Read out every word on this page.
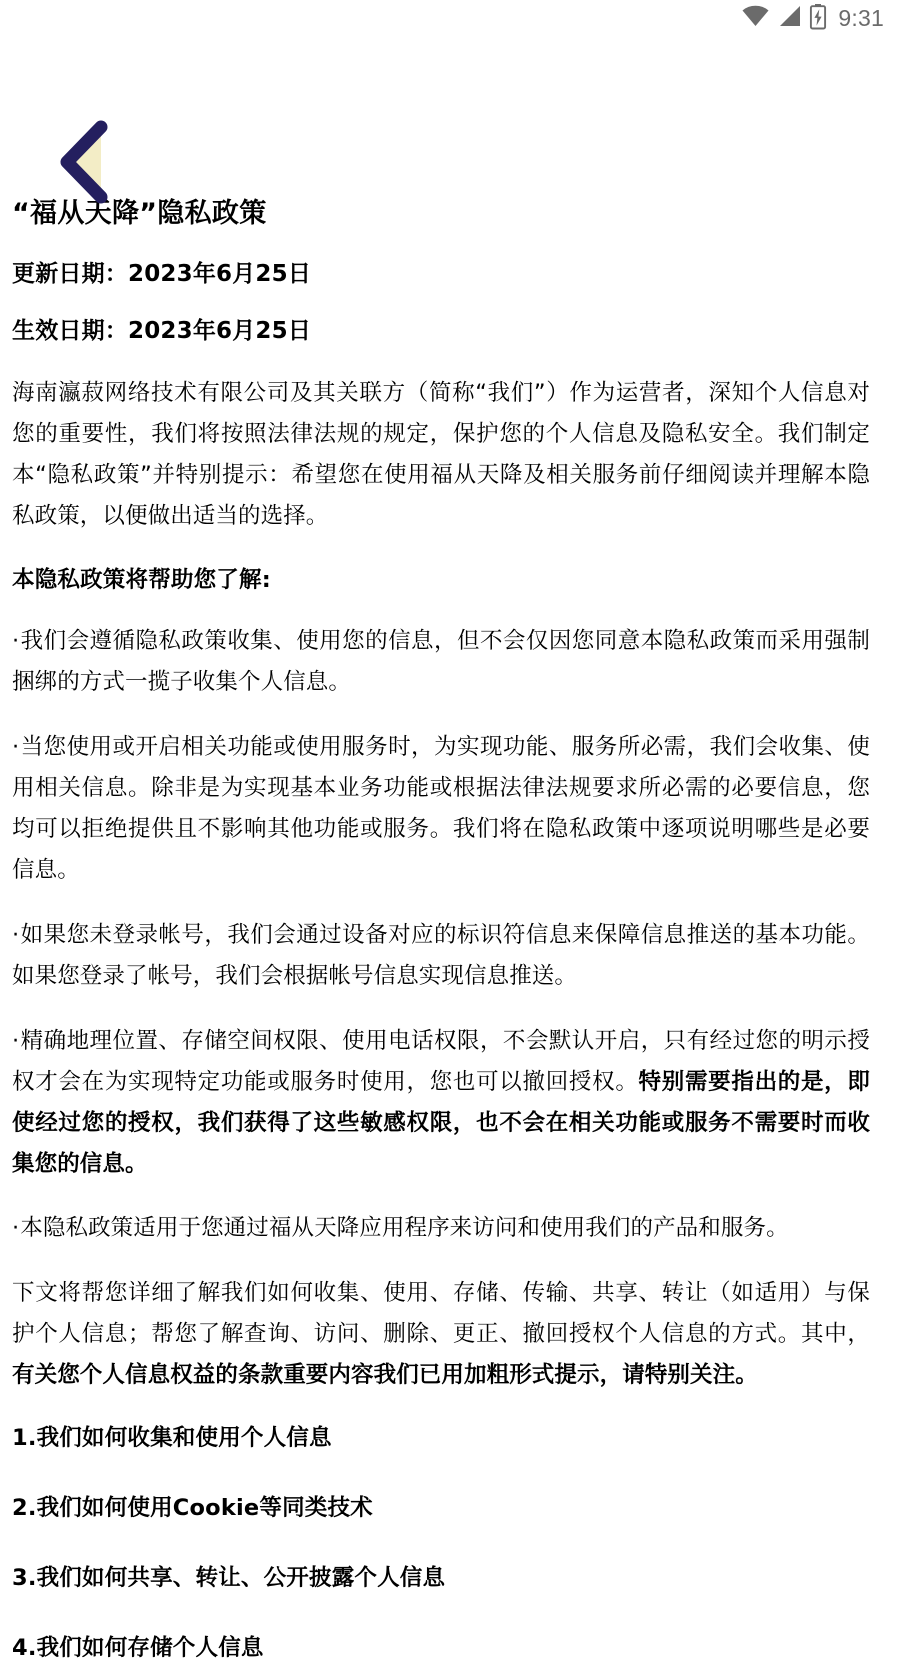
9:31
“福从天降”隐私政策
更新日期：2023年6月25日
生效日期：2023年6月25日

海南瀛菽网络技术有限公司及其关联方（简称“我们”）作为运营者，深知个人信息对您的重要性，我们将按照法律法规的规定，保护您的个人信息及隐私安全。我们制定本“隐私政策”并特别提示：希望您在使用福从天降及相关服务前仔细阅读并理解本隐私政策，以便做出适当的选择。

本隐私政策将帮助您了解:

·我们会遵循隐私政策收集、使用您的信息，但不会仅因您同意本隐私政策而采用强制捆绑的方式一揽子收集个人信息。

·当您使用或开启相关功能或使用服务时，为实现功能、服务所必需，我们会收集、使用相关信息。除非是为实现基本业务功能或根据法律法规要求所必需的必要信息，您均可以拒绝提供且不影响其他功能或服务。我们将在隐私政策中逐项说明哪些是必要信息。

·如果您未登录帐号，我们会通过设备对应的标识符信息来保障信息推送的基本功能。如果您登录了帐号，我们会根据帐号信息实现信息推送。

·精确地理位置、存储空间权限、使用电话权限，不会默认开启，只有经过您的明示授权才会在为实现特定功能或服务时使用，您也可以撤回授权。特别需要指出的是，即使经过您的授权，我们获得了这些敏感权限，也不会在相关功能或服务不需要时而收集您的信息。

·本隐私政策适用于您通过福从天降应用程序来访问和使用我们的产品和服务。

下文将帮您详细了解我们如何收集、使用、存储、传输、共享、转让（如适用）与保护个人信息；帮您了解查询、访问、删除、更正、撤回授权个人信息的方式。其中，有关您个人信息权益的条款重要内容我们已用加粗形式提示，请特别关注。

1.我们如何收集和使用个人信息
2.我们如何使用Cookie等同类技术
3.我们如何共享、转让、公开披露个人信息
4.我们如何存储个人信息
